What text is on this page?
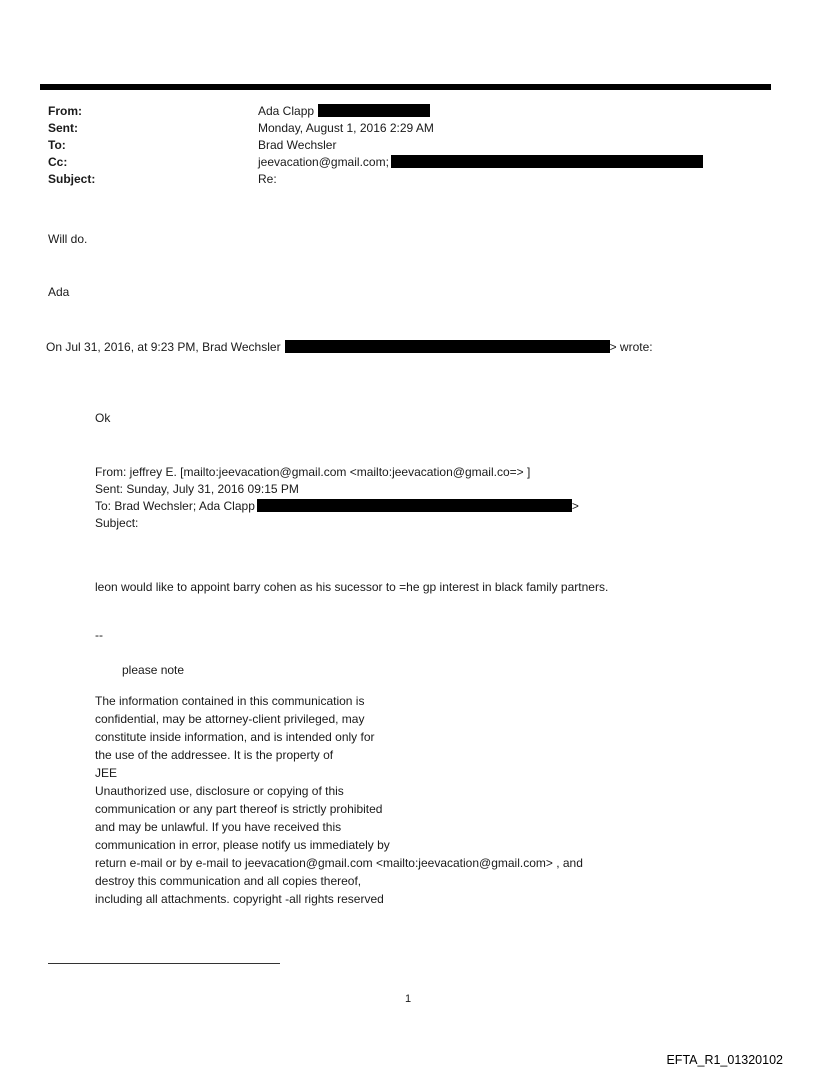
From:	Ada Clapp
Sent:	Monday, August 1, 2016 2:29 AM
To:	Brad Wechsler
Cc:	jeevacation@gmail.com;
Subject:	Re:
Will do.
Ada
On Jul 31, 2016, at 9:23 PM, Brad Wechsler	> wrote:
Ok
From: jeffrey E. [mailto:jeevacation@gmail.com <mailto:jeevacation@gmail.co=> ]
Sent: Sunday, July 31, 2016 09:15 PM
To: Brad Wechsler; Ada Clapp	>
Subject:
leon would like to appoint barry cohen as his sucessor to =he gp interest in black family partners.
--
please note
The information contained in this communication is
confidential, may be attorney-client privileged, may
constitute inside information, and is intended only for
the use of the addressee. It is the property of
JEE
Unauthorized use, disclosure or copying of this
communication or any part thereof is strictly prohibited
and may be unlawful. If you have received this
communication in error, please notify us immediately by
return e-mail or by e-mail to jeevacation@gmail.com <mailto:jeevacation@gmail.com> , and
destroy this communication and all copies thereof,
including all attachments. copyright -all rights reserved
1
EFTA_R1_01320102
